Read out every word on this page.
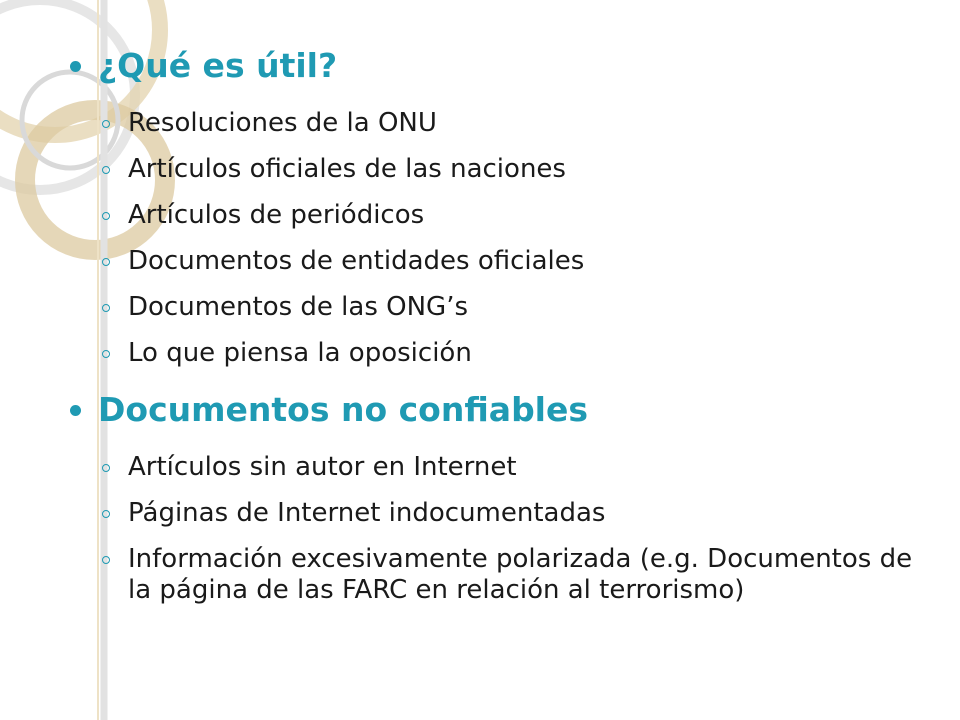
¿Qué es útil?
Resoluciones de la ONU
Artículos oficiales de las naciones
Artículos de periódicos
Documentos de entidades oficiales
Documentos de las ONG’s
Lo que piensa la oposición
Documentos no confiables
Artículos sin autor en Internet
Páginas de Internet indocumentadas
Información excesivamente polarizada (e.g. Documentos de la página de las FARC en relación al terrorismo)
